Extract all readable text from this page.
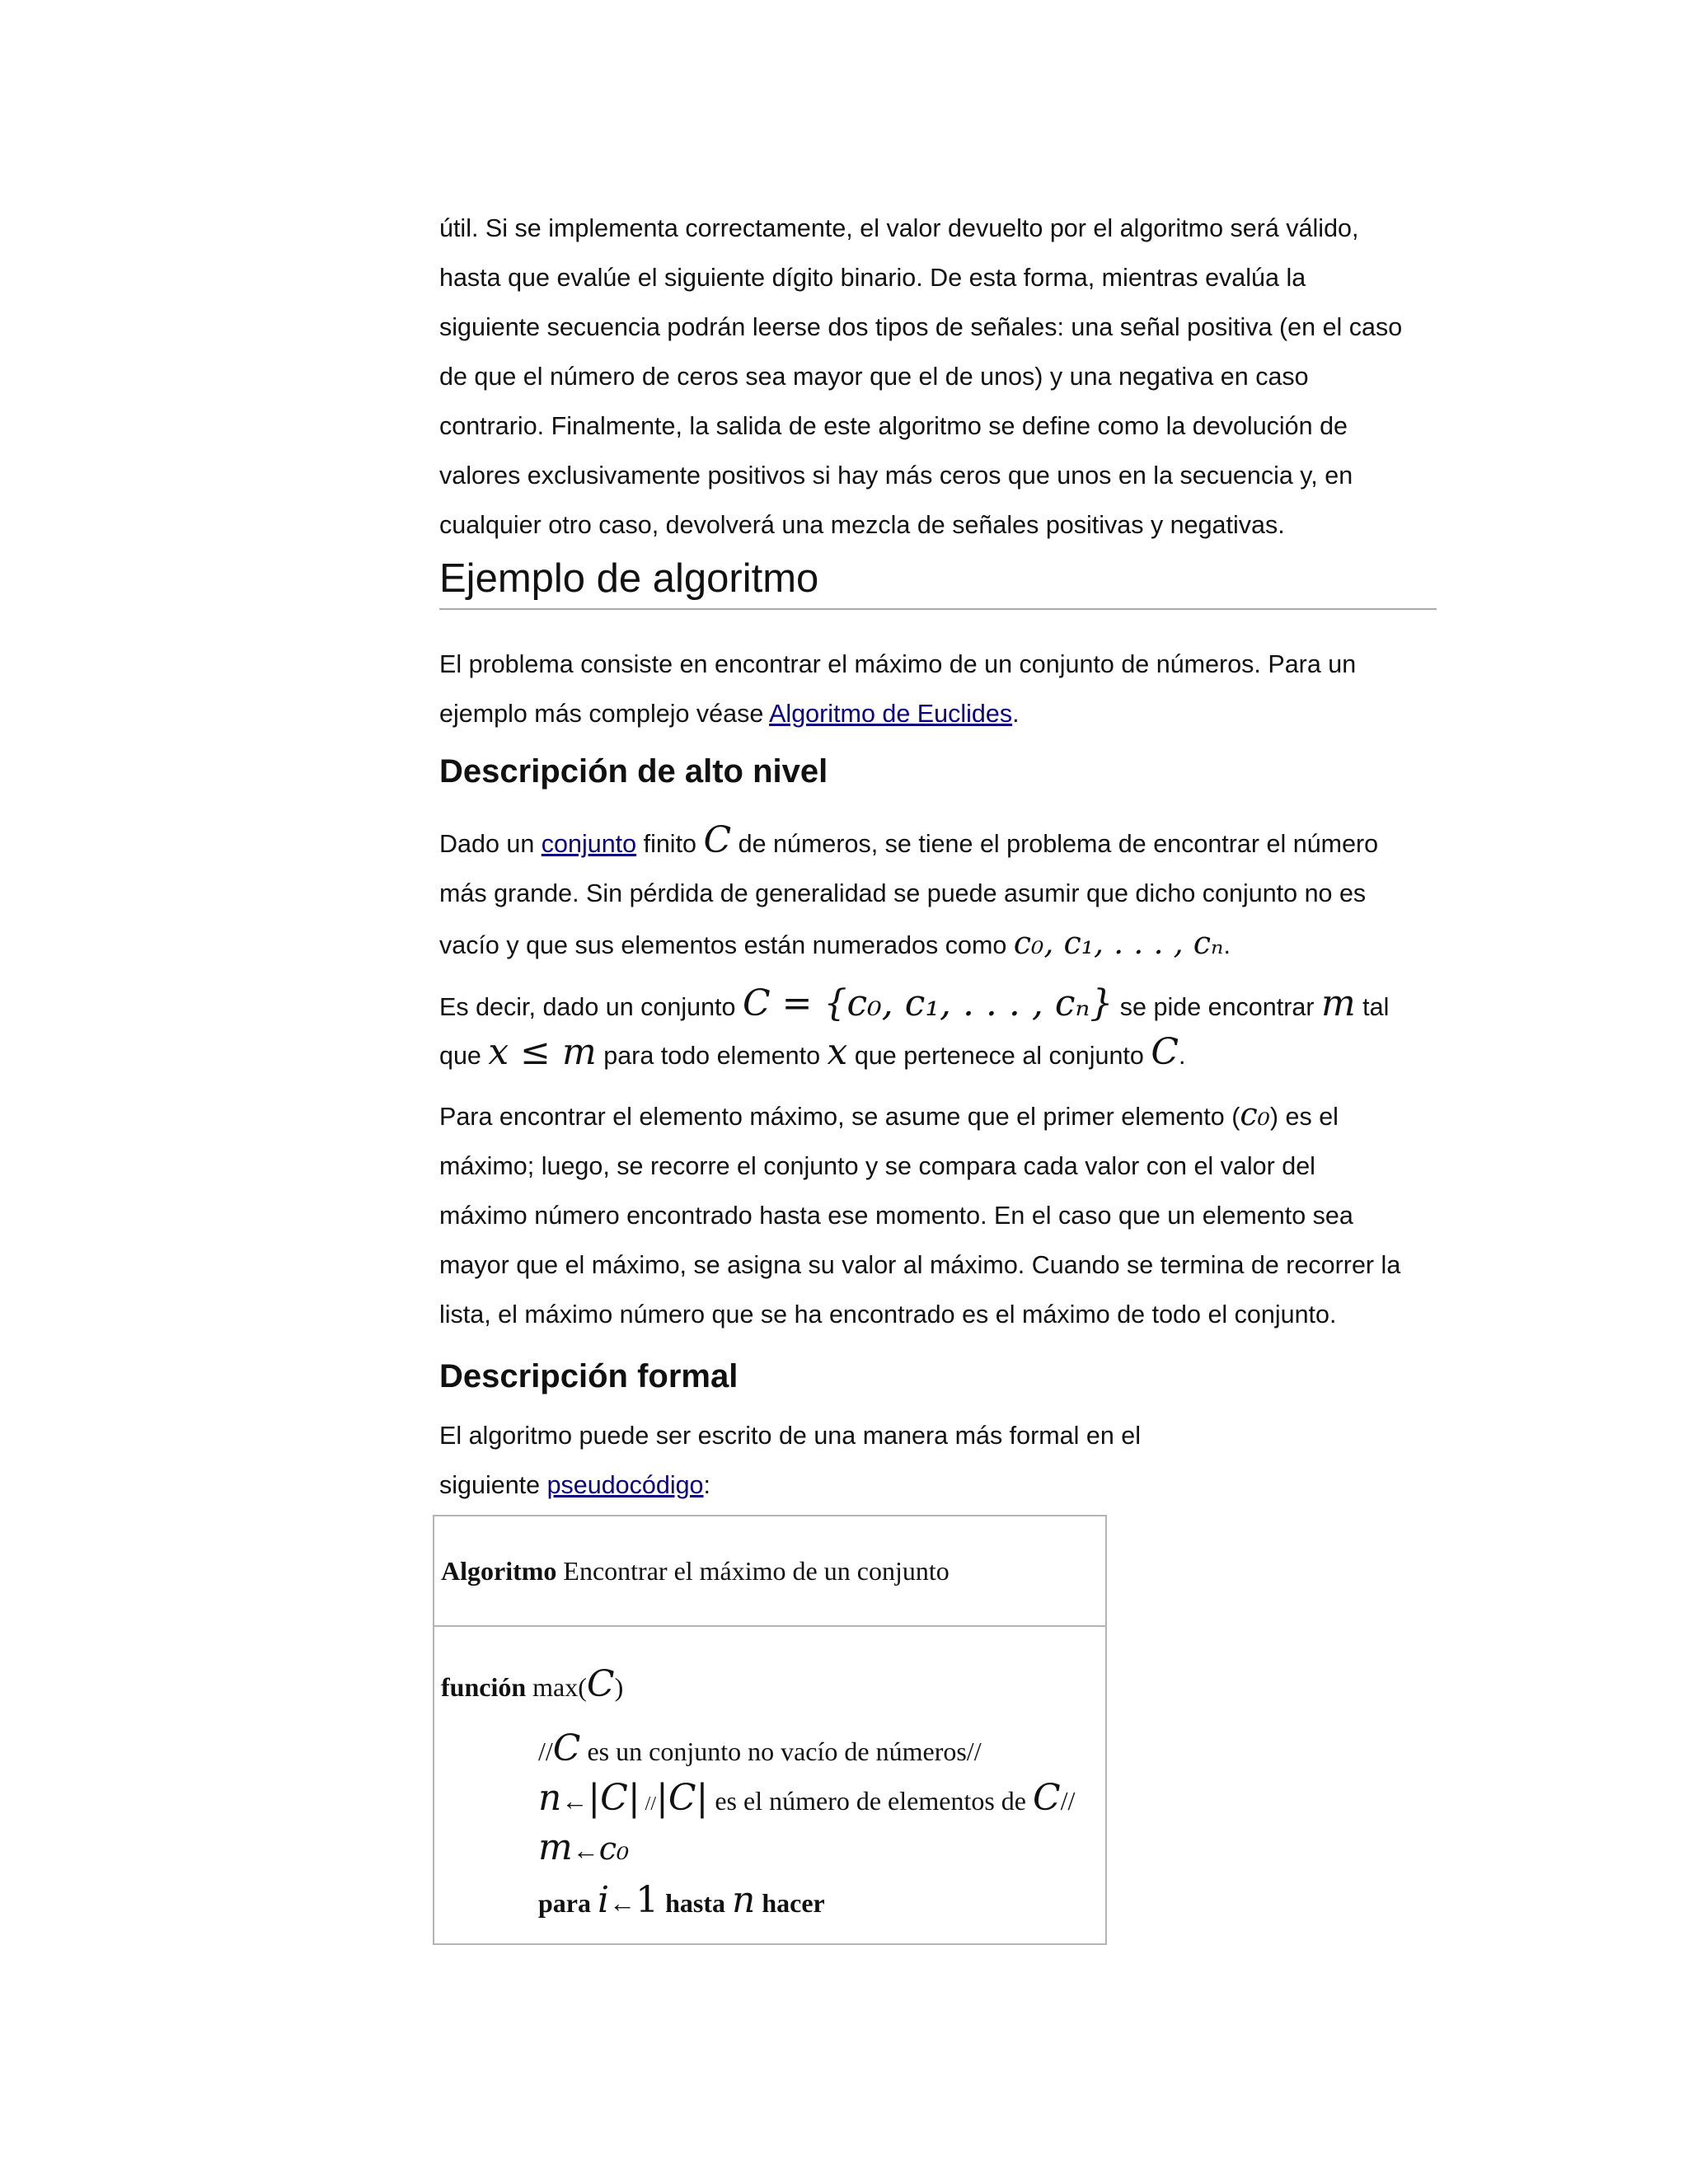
útil. Si se implementa correctamente, el valor devuelto por el algoritmo será válido,
hasta que evalúe el siguiente dígito binario. De esta forma, mientras evalúa la
siguiente secuencia podrán leerse dos tipos de señales: una señal positiva (en el caso
de que el número de ceros sea mayor que el de unos) y una negativa en caso
contrario. Finalmente, la salida de este algoritmo se define como la devolución de
valores exclusivamente positivos si hay más ceros que unos en la secuencia y, en
cualquier otro caso, devolverá una mezcla de señales positivas y negativas.

Ejemplo de algoritmo

El problema consiste en encontrar el máximo de un conjunto de números. Para un
ejemplo más complejo véase Algoritmo de Euclides.

Descripción de alto nivel

Dado un conjunto finito C de números, se tiene el problema de encontrar el número
más grande. Sin pérdida de generalidad se puede asumir que dicho conjunto no es
vacío y que sus elementos están numerados como c₀, c₁, . . . , cₙ.

Es decir, dado un conjunto C = {c₀, c₁, . . . , cₙ} se pide encontrar m tal
que x ≤ m para todo elemento x que pertenece al conjunto C.

Para encontrar el elemento máximo, se asume que el primer elemento (c₀) es el
máximo; luego, se recorre el conjunto y se compara cada valor con el valor del
máximo número encontrado hasta ese momento. En el caso que un elemento sea
mayor que el máximo, se asigna su valor al máximo. Cuando se termina de recorrer la
lista, el máximo número que se ha encontrado es el máximo de todo el conjunto.

Descripción formal

El algoritmo puede ser escrito de una manera más formal en el
siguiente pseudocódigo:

Algoritmo Encontrar el máximo de un conjunto
función max(C)
//C es un conjunto no vacío de números//
n←|C| //|C| es el número de elementos de C//
m←c₀
para i←1 hasta n hacer
